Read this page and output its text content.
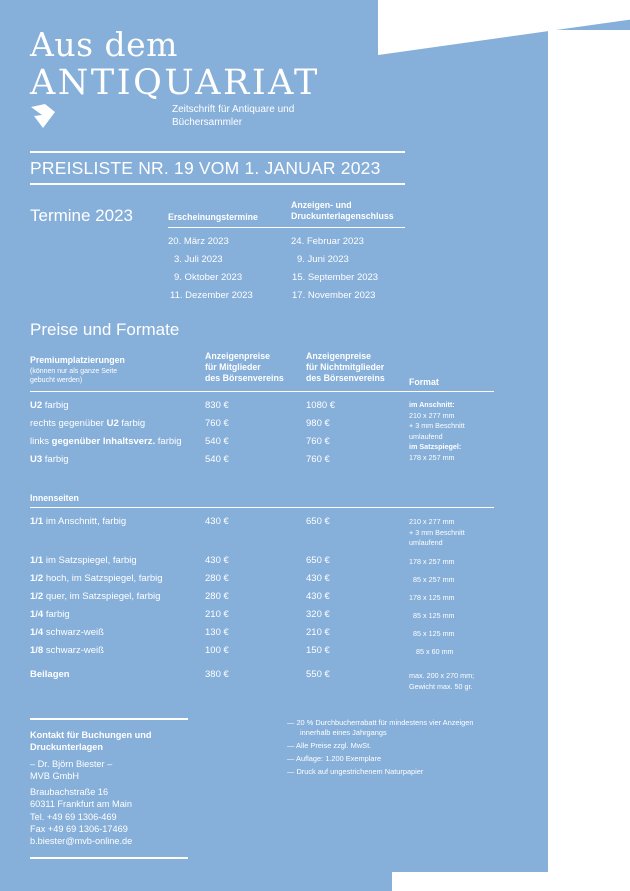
Aus dem
ANTIQUARIAT
Zeitschrift für Antiquare und
Büchersammler
PREISLISTE NR. 19 VOM 1. JANUAR 2023
Termine 2023	Erscheinungstermine
Anzeigen- und
Druckunterlagenschluss
20. März 2023	24. Februar 2023
3. Juli 2023	9. Juni 2023
9. Oktober 2023	15. September 2023
11. Dezember 2023	17. November 2023
Preise und Formate
Premiumplatzierungen
(können nur als ganze Seite
gebucht werden)
Anzeigenpreise
für Mitglieder
des Börsenvereins
Anzeigenpreise
für Nichtmitglieder
des Börsenvereins	Format
U2 farbig	830 €	1080 €
rechts gegenüber U2 farbig	760 €	980 €
links gegenüber Inhaltsverz. farbig 540 €	760 €
U3 farbig	540 €	760 €
im Anschnitt:
210 x 277 mm
+ 3 mm Beschnitt
umlaufend
im Satzspiegel:
178 x 257 mm
Innenseiten
1/1 im Anschnitt, farbig	430 €	650 €	210 x 277 mm
+ 3 mm Beschnitt
umlaufend
1/1 im Satzspiegel, farbig	430 €	650 €	178 x 257 mm
1/2 hoch, im Satzspiegel, farbig	280 €	430 €	85 x 257 mm
1/2 quer, im Satzspiegel, farbig	280 €	430 €	178 x 125 mm
1/4 farbig	210 €	320 €	85 x 125 mm
1/4 schwarz-weiß	130 €	210 €	85 x 125 mm
1/8 schwarz-weiß	100 €	150 €	85 x 60 mm
Beilagen	380 €	550 €	max. 200 x 270 mm;
Gewicht max. 50 gr.
Kontakt für Buchungen und
Druckunterlagen
– Dr. Björn Biester –
MVB GmbH
Braubachstraße 16
60311 Frankfurt am Main
Tel. +49 69 1306-469
Fax +49 69 1306-17469
b.biester@mvb-online.de
— 20 % Durchbucherrabatt für mindestens vier Anzeigen
innerhalb eines Jahrgangs
— Alle Preise zzgl. MwSt.
— Auflage: 1.200 Exemplare
— Druck auf ungestrichenem Naturpapier
